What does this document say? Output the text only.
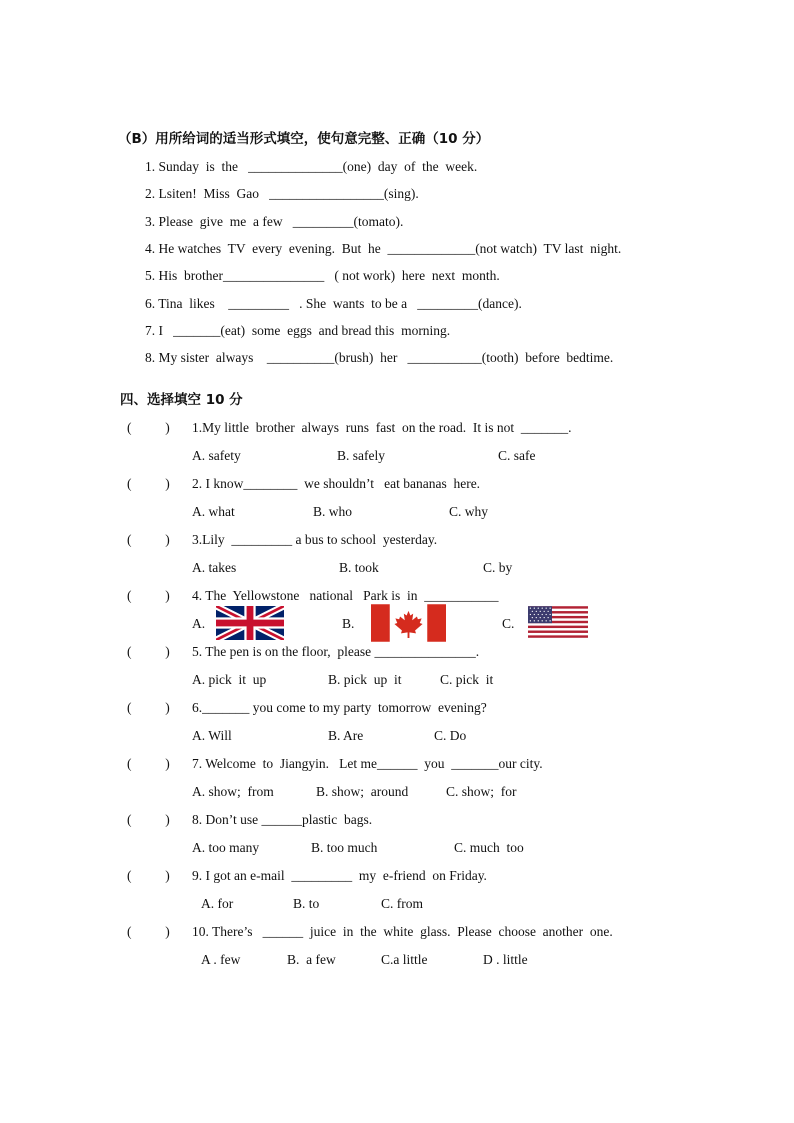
（B）用所给词的适当形式填空，使句意完整、正确（10 分）
1. Sunday  is  the   ______________(one)  day  of  the  week.
2. Lsiten!  Miss  Gao   _________________(sing).
3. Please  give  me  a few   _________(tomato).
4. He watches  TV  every  evening.  But  he  _____________(not watch)  TV last  night.
5. His  brother_______________   ( not work)  here  next  month.
6. Tina  likes    _________   . She  wants  to be a   _________(dance).
7. I   _______(eat)  some  eggs  and bread this  morning.
8. My sister  always    __________(brush)  her   ___________(tooth)  before  bedtime.
四、选择填空 10 分
(          ) 1.My little  brother  always  runs  fast  on the road.  It is not  _______.
A. safety	B. safely	C. safe
(          ) 2. I know________  we shouldn’t   eat bananas  here.
A. what	B. who	C. why
(          ) 3.Lily  _________ a bus to school  yesterday.
A. takes	B. took	C. by
(          ) 4. The  Yellowstone   national   Park is  in  ___________
A.	B.	C.
(          ) 5. The pen is on the floor,  please _______________.
A. pick  it  up	B. pick  up  it	C. pick  it
(          ) 6._______ you come to my party  tomorrow  evening?
A. Will	B. Are	C. Do
(          ) 7. Welcome  to  Jiangyin.   Let me______  you  _______our city.
A. show;  from	B. show;  around	C. show;  for
(          ) 8. Don’t use ______plastic  bags.
A. too many	B. too much	C. much  too
(          ) 9. I got an e-mail  _________  my  e-friend  on Friday.
A. for	B. to	C. from
(          ) 10. There’s   ______  juice  in  the  white  glass.  Please  choose  another  one.
A . few	B.  a few	C.a little	D . little
